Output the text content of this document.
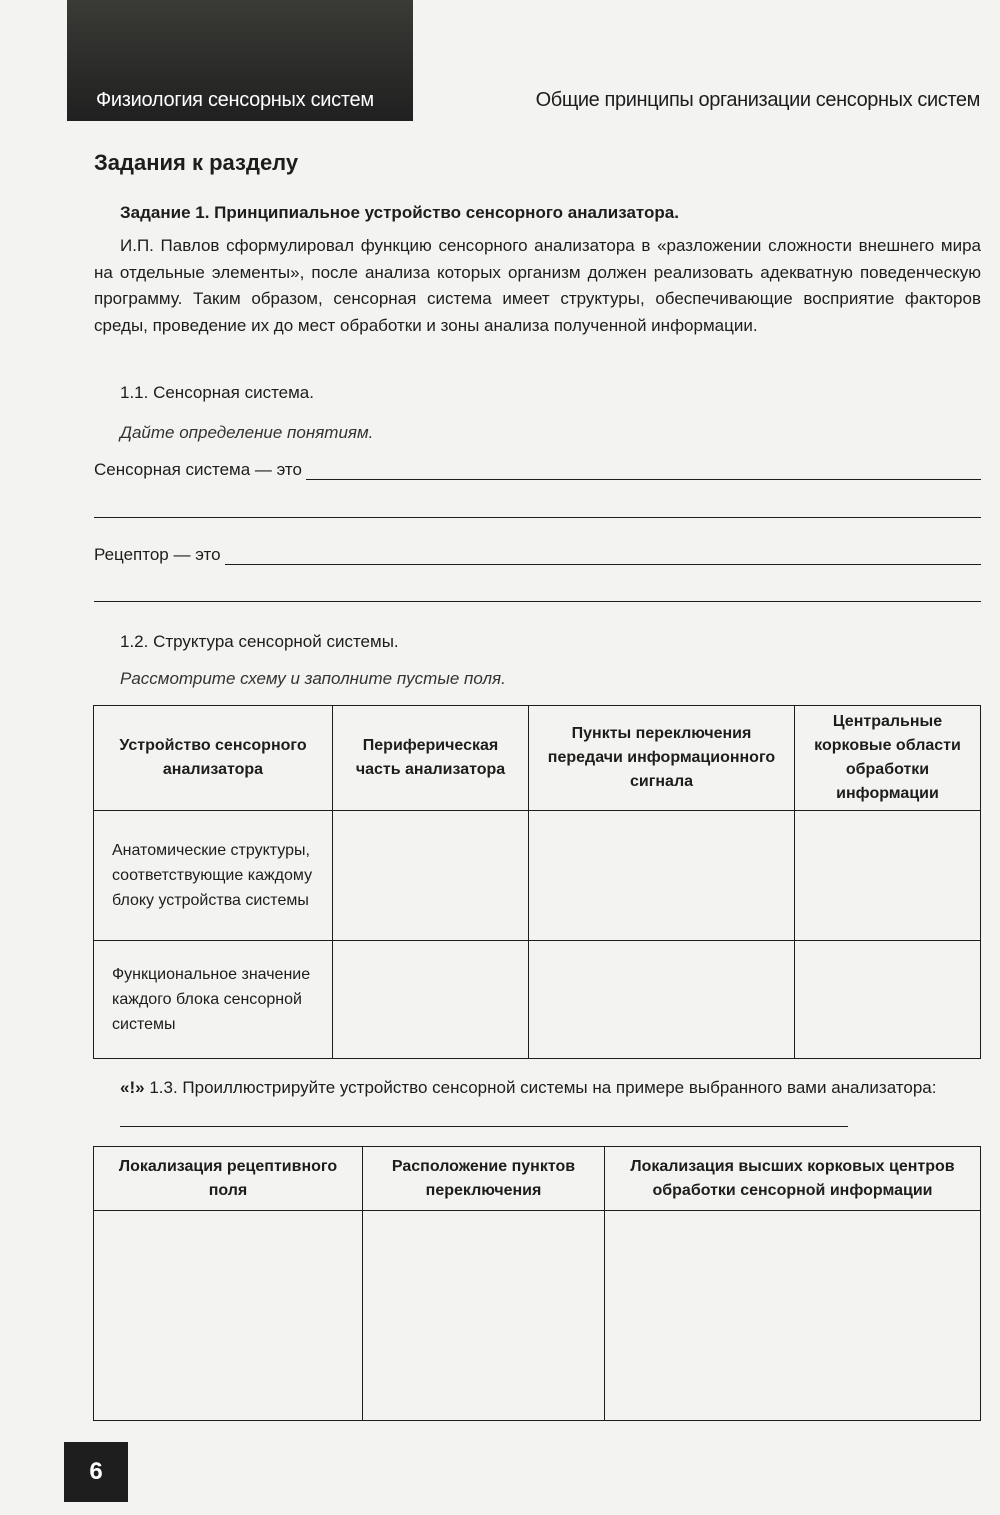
Физиология сенсорных систем	Общие принципы организации сенсорных систем
Задания к разделу
Задание 1. Принципиальное устройство сенсорного анализатора.
И.П. Павлов сформулировал функцию сенсорного анализатора в «разложении сложности внешнего мира на отдельные элементы», после анализа которых организм должен реализовать адекватную поведенческую программу. Таким образом, сенсорная система имеет структуры, обеспечивающие восприятие факторов среды, проведение их до мест обработки и зоны анализа полученной информации.
1.1. Сенсорная система.
Дайте определение понятиям.
Сенсорная система — это
Рецептор — это
1.2. Структура сенсорной системы.
Рассмотрите схему и заполните пустые поля.
Устройство сенсорного анализатора	Периферическая часть анализатора	Пункты переключения передачи информационного сигнала	Центральные корковые области обработки информации
Анатомические структуры, соответствующие каждому блоку устройства системы			
Функциональное значение каждого блока сенсорной системы			
«!» 1.3. Проиллюстрируйте устройство сенсорной системы на примере выбранного вами анализатора:
Локализация рецептивного поля	Расположение пунктов переключения	Локализация высших корковых центров обработки сенсорной информации

6
